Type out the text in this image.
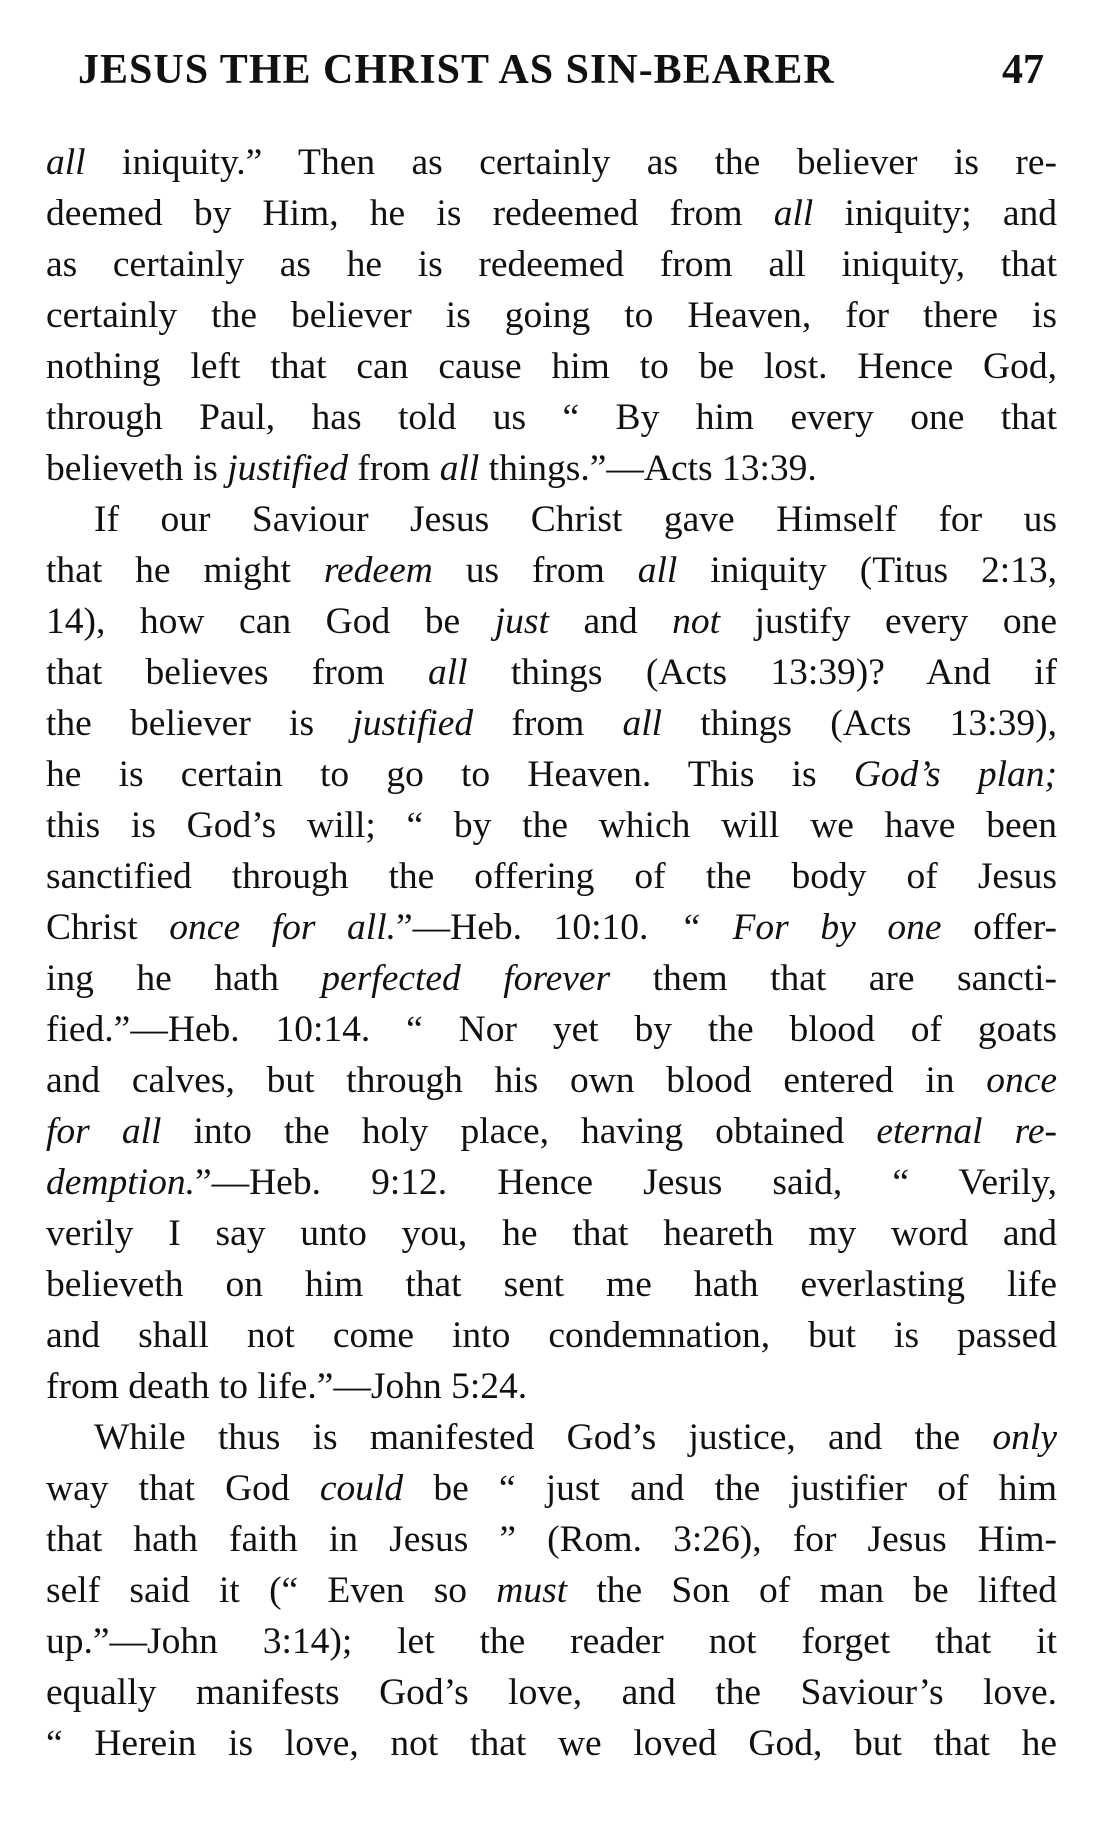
JESUS THE CHRIST AS SIN-BEARER	47
all iniquity.” Then as certainly as the believer is re-
deemed by Him, he is redeemed from all iniquity; and
as certainly as he is redeemed from all iniquity, that
certainly the believer is going to Heaven, for there is
nothing left that can cause him to be lost. Hence God,
through Paul, has told us “ By him every one that
believeth is justified from all things.”—Acts 13:39.
If our Saviour Jesus Christ gave Himself for us
that he might redeem us from all iniquity (Titus 2:13,
14), how can God be just and not justify every one
that believes from all things (Acts 13:39)? And if
the believer is justified from all things (Acts 13:39),
he is certain to go to Heaven. This is God’s plan;
this is God’s will; “ by the which will we have been
sanctified through the offering of the body of Jesus
Christ once for all.”—Heb. 10:10. “ For by one offer-
ing he hath perfected forever them that are sancti-
fied.”—Heb. 10:14. “ Nor yet by the blood of goats
and calves, but through his own blood entered in once
for all into the holy place, having obtained eternal re-
demption.”—Heb. 9:12. Hence Jesus said, “ Verily,
verily I say unto you, he that heareth my word and
believeth on him that sent me hath everlasting life
and shall not come into condemnation, but is passed
from death to life.”—John 5:24.
While thus is manifested God’s justice, and the only
way that God could be “ just and the justifier of him
that hath faith in Jesus ” (Rom. 3:26), for Jesus Him-
self said it (“ Even so must the Son of man be lifted
up.”—John 3:14); let the reader not forget that it
equally manifests God’s love, and the Saviour’s love.
“ Herein is love, not that we loved God, but that he
